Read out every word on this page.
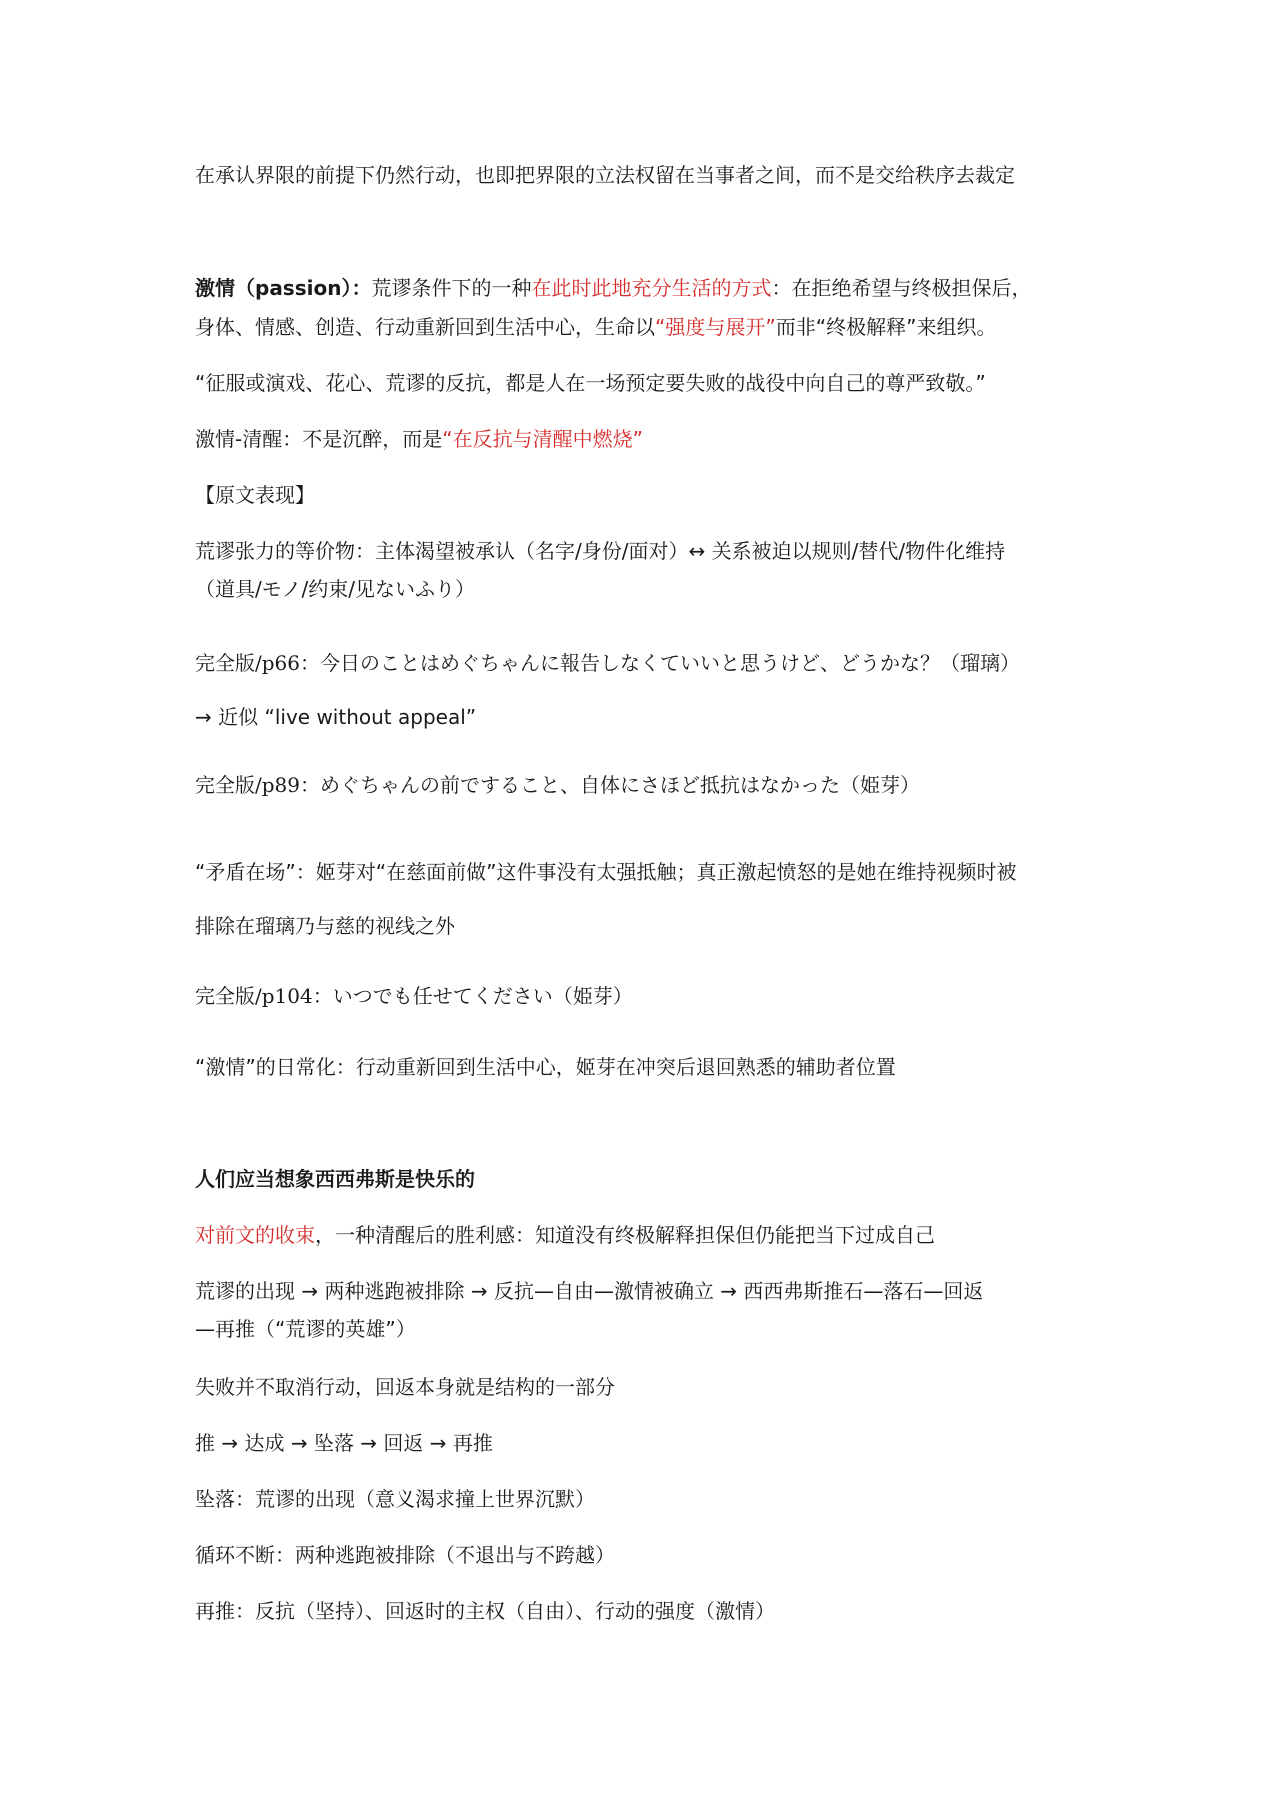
在承认界限的前提下仍然行动，也即把界限的立法权留在当事者之间，而不是交给秩序去裁定
激情（passion）：荒谬条件下的一种在此时此地充分生活的方式：在拒绝希望与终极担保后，
身体、情感、创造、行动重新回到生活中心，生命以“强度与展开”而非“终极解释”来组织。
“征服或演戏、花心、荒谬的反抗，都是人在一场预定要失败的战役中向自己的尊严致敬。”
激情-清醒：不是沉醉，而是“在反抗与清醒中燃烧”
【原文表现】
荒谬张力的等价物：主体渴望被承认（名字/身份/面对）↔ 关系被迫以规则/替代/物件化维持
（道具/モノ/约束/见ないふり）
完全版/p66：今日のことはめぐちゃんに報告しなくていいと思うけど、どうかな？（瑠璃）
→ 近似 “live without appeal”
完全版/p89：めぐちゃんの前ですること、自体にさほど抵抗はなかった（姫芽）
“矛盾在场”：姬芽对“在慈面前做”这件事没有太强抵触；真正激起愤怒的是她在维持视频时被
排除在瑠璃乃与慈的视线之外
完全版/p104：いつでも任せてください（姫芽）
“激情”的日常化：行动重新回到生活中心，姬芽在冲突后退回熟悉的辅助者位置
人们应当想象西西弗斯是快乐的
对前文的收束，一种清醒后的胜利感：知道没有终极解释担保但仍能把当下过成自己
荒谬的出现 → 两种逃跑被排除 → 反抗—自由—激情被确立 → 西西弗斯推石—落石—回返
—再推（“荒谬的英雄”）
失败并不取消行动，回返本身就是结构的一部分
推 → 达成 → 坠落 → 回返 → 再推
坠落：荒谬的出现（意义渴求撞上世界沉默）
循环不断：两种逃跑被排除（不退出与不跨越）
再推：反抗（坚持）、回返时的主权（自由）、行动的强度（激情）
